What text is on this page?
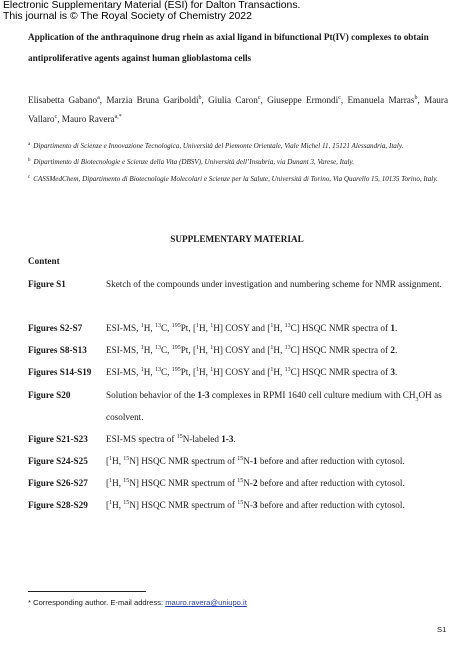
Electronic Supplementary Material (ESI) for Dalton Transactions.
This journal is © The Royal Society of Chemistry 2022
Application of the anthraquinone drug rhein as axial ligand in bifunctional Pt(IV) complexes to obtain
antiproliferative agents against human glioblastoma cells
Elisabetta Gabano$^a$, Marzia Bruna Gariboldi$^b$, Giulia Caron$^c$, Giuseppe Ermondi$^c$, Emanuela Marras$^b$, Maura Vallaro$^c$, Mauro Ravera$^{a,*}$
$^a$ Dipartimento di Scienze e Innovazione Tecnologica, Università del Piemonte Orientale, Viale Michel 11, 15121 Alessandria, Italy.
$^b$ Dipartimento di Biotecnologie e Scienze della Vita (DBSV), Università dell’Insubria, via Dunant 3, Varese, Italy.
$^c$ CASSMedChem, Dipartimento di Biotecnologie Molecolari e Scienze per la Salute, Università di Torino, Via Quarello 15, 10135 Torino, Italy.
SUPPLEMENTARY MATERIAL
Content
Figure S1	Sketch of the compounds under investigation and numbering scheme for NMR assignment.
Figures S2-S7	ESI-MS, $^1$H, $^{13}$C, $^{195}$Pt, [$^1$H, $^1$H] COSY and [$^1$H, $^{13}$C] HSQC NMR spectra of 1.
Figures S8-S13 ESI-MS, $^1$H, $^{13}$C, $^{195}$Pt, [$^1$H, $^1$H] COSY and [$^1$H, $^{13}$C] HSQC NMR spectra of 2.
Figures S14-S19 ESI-MS, $^1$H, $^{13}$C, $^{195}$Pt, [$^1$H, $^1$H] COSY and [$^1$H, $^{13}$C] HSQC NMR spectra of 3.
Figure S20	Solution behavior of the 1-3 complexes in RPMI 1640 cell culture medium with $CH_3OH$ as cosolvent.
Figure S21-S23 ESI-MS spectra of $^{15}$N-labeled 1-3.
Figure S24-S25 [$^1$H, $^{15}$N] HSQC NMR spectrum of $^{15}$N-1 before and after reduction with cytosol.
Figure S26-S27 [$^1$H, $^{15}$N] HSQC NMR spectrum of $^{15}$N-2 before and after reduction with cytosol.
Figure S28-S29 [$^1$H, $^{15}$N] HSQC NMR spectrum of $^{15}$N-3 before and after reduction with cytosol.
* Corresponding author. E-mail address: mauro.ravera@uniupo.it
S1
